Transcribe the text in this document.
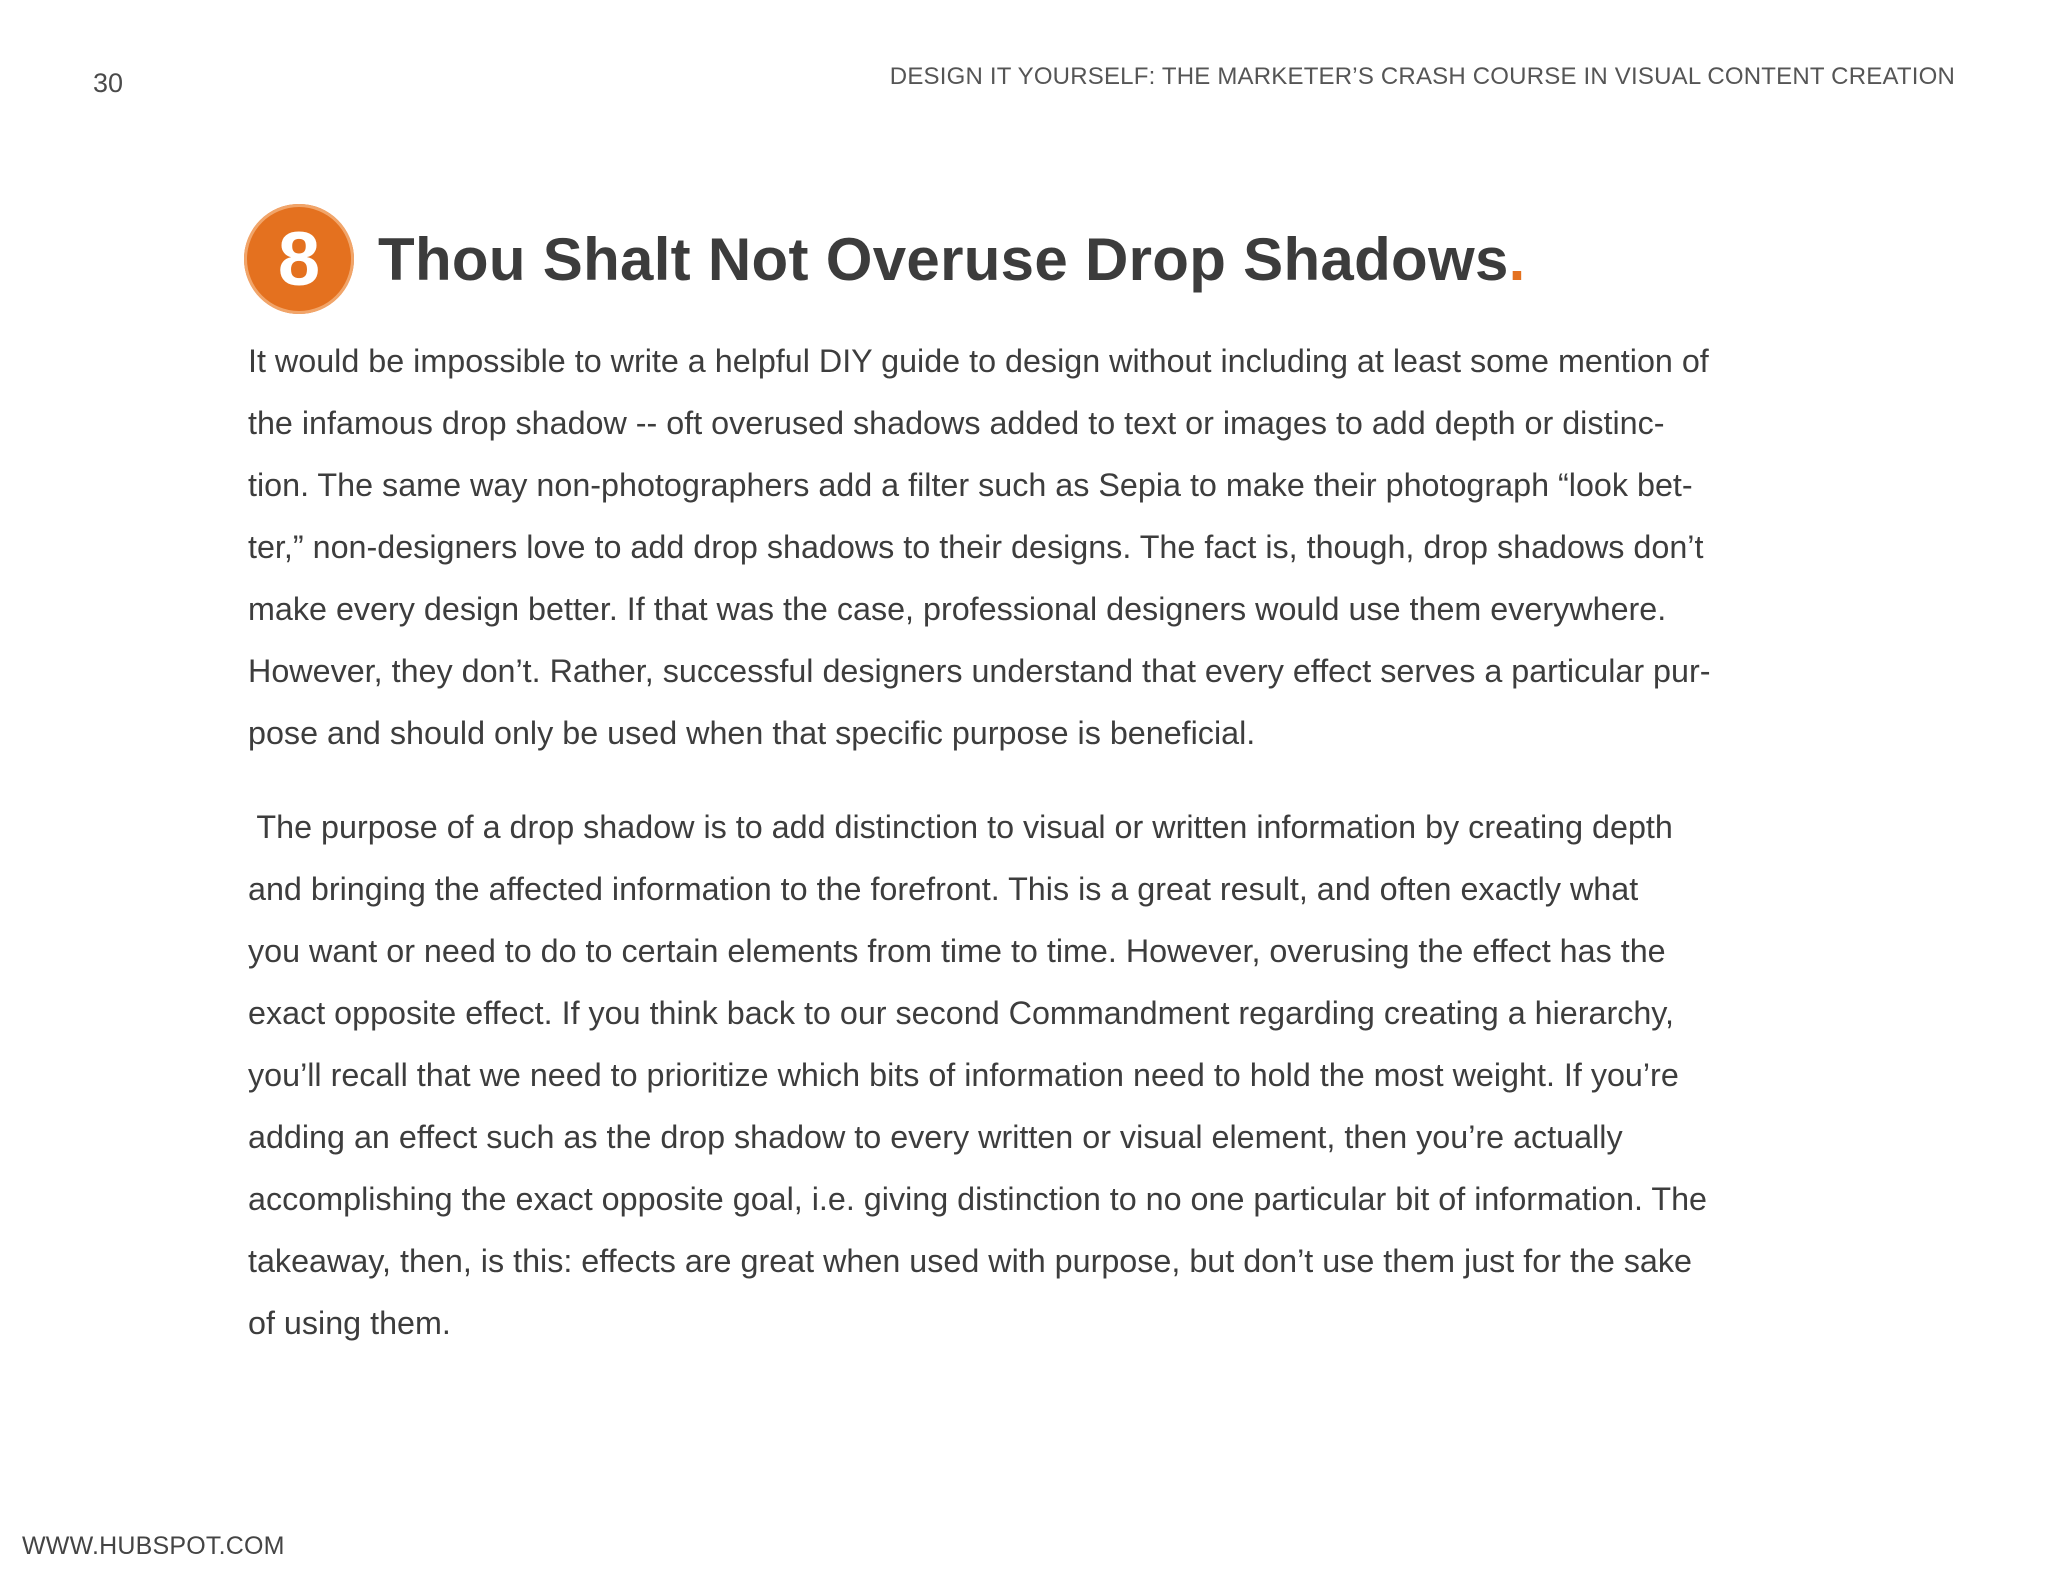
30	DESIGN IT YOURSELF: THE MARKETER’S CRASH COURSE IN VISUAL CONTENT CREATION
8 Thou Shalt Not Overuse Drop Shadows.
It would be impossible to write a helpful DIY guide to design without including at least some mention of
the infamous drop shadow -- oft overused shadows added to text or images to add depth or distinc-
tion. The same way non-photographers add a filter such as Sepia to make their photograph “look bet-
ter,” non-designers love to add drop shadows to their designs. The fact is, though, drop shadows don’t
make every design better. If that was the case, professional designers would use them everywhere.
However, they don’t. Rather, successful designers understand that every effect serves a particular pur-
pose and should only be used when that specific purpose is beneficial.
The purpose of a drop shadow is to add distinction to visual or written information by creating depth
and bringing the affected information to the forefront. This is a great result, and often exactly what
you want or need to do to certain elements from time to time. However, overusing the effect has the
exact opposite effect. If you think back to our second Commandment regarding creating a hierarchy,
you’ll recall that we need to prioritize which bits of information need to hold the most weight. If you’re
adding an effect such as the drop shadow to every written or visual element, then you’re actually
accomplishing the exact opposite goal, i.e. giving distinction to no one particular bit of information. The
takeaway, then, is this: effects are great when used with purpose, but don’t use them just for the sake
of using them.
WWW.HUBSPOT.COM
